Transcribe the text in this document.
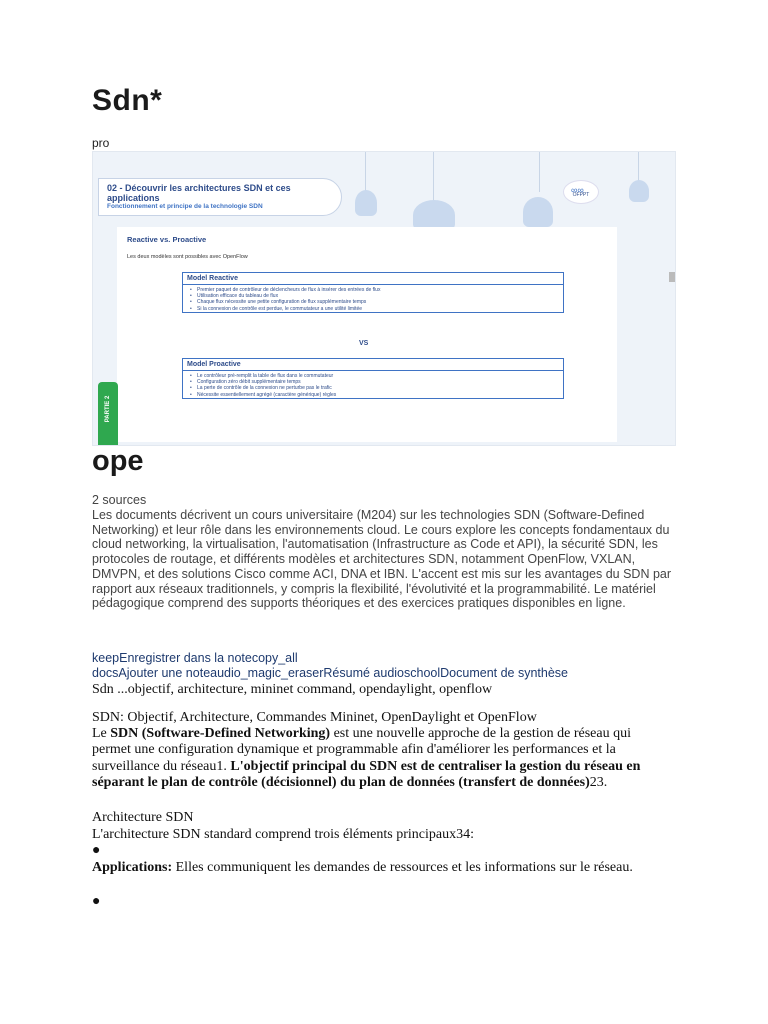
Sdn*
pro
02 - Découvrir les architectures SDN et ces applications
Fonctionnement et principe de la technologie SDN
∞∞ OFPPT
Reactive vs. Proactive
Les deux modèles sont possibles avec OpenFlow
Model Reactive
• Premier paquet de contrôleur de déclencheurs de flux à insérer des entrées de flux
• Utilisation efficace du tableau de flux
• Chaque flux nécessite une petite configuration de flux supplémentaire temps
• Si la connexion de contrôle est perdue, le commutateur a une utilité limitée
VS
Model Proactive
• Le contrôleur pré-remplit la table de flux dans le commutateur
• Configuration zéro débit supplémentaire temps
• La perte de contrôle de la connexion ne perturbe pas le trafic
• Nécessite essentiellement agrégé (caractère générique) règles
PARTIE 2
ope
2 sources
Les documents décrivent un cours universitaire (M204) sur les technologies SDN (Software-Defined Networking) et leur rôle dans les environnements cloud. Le cours explore les concepts fondamentaux du cloud networking, la virtualisation, l'automatisation (Infrastructure as Code et API), la sécurité SDN, les protocoles de routage, et différents modèles et architectures SDN, notamment OpenFlow, VXLAN, DMVPN, et des solutions Cisco comme ACI, DNA et IBN. L'accent est mis sur les avantages du SDN par rapport aux réseaux traditionnels, y compris la flexibilité, l'évolutivité et la programmabilité. Le matériel pédagogique comprend des supports théoriques et des exercices pratiques disponibles en ligne.
keepEnregistrer dans la notecopy_all
docsAjouter une noteaudio_magic_eraserRésumé audioschoolDocument de synthèse
Sdn ...objectif, architecture, mininet command, opendaylight, openflow
SDN: Objectif, Architecture, Commandes Mininet, OpenDaylight et OpenFlow
Le SDN (Software-Defined Networking) est une nouvelle approche de la gestion de réseau qui permet une configuration dynamique et programmable afin d'améliorer les performances et la surveillance du réseau1. L'objectif principal du SDN est de centraliser la gestion du réseau en séparant le plan de contrôle (décisionnel) du plan de données (transfert de données)23.
Architecture SDN
L'architecture SDN standard comprend trois éléments principaux34:
●
Applications: Elles communiquent les demandes de ressources et les informations sur le réseau.
●
